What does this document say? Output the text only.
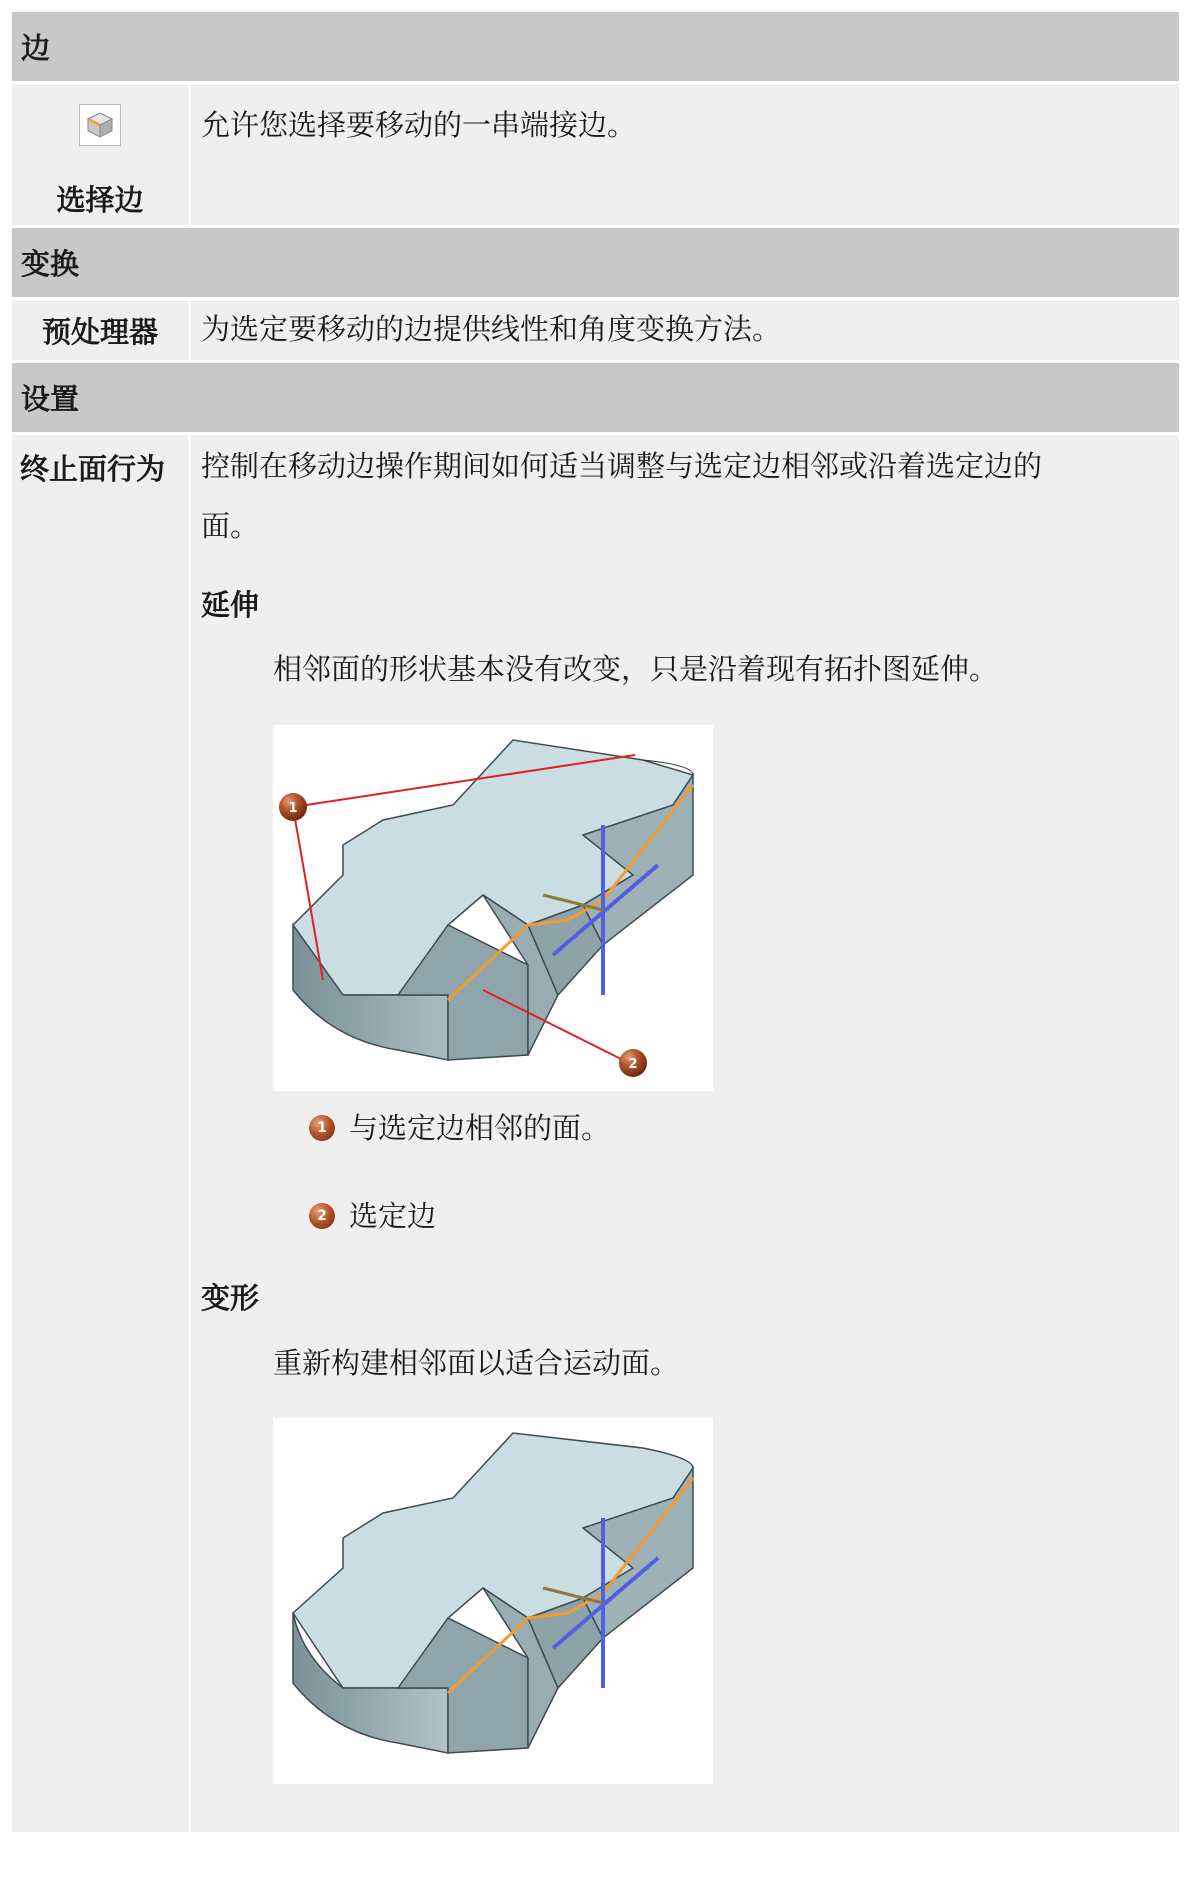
边
选择边
允许您选择要移动的一串端接边。
变换
预处理器	为选定要移动的边提供线性和角度变换方法。
设置
终止面行为	控制在移动边操作期间如何适当调整与选定边相邻或沿着选定边的
面。
延伸
相邻面的形状基本没有改变，只是沿着现有拓扑图延伸。
1
2
1 与选定边相邻的面。
2 选定边
变形
重新构建相邻面以适合运动面。
